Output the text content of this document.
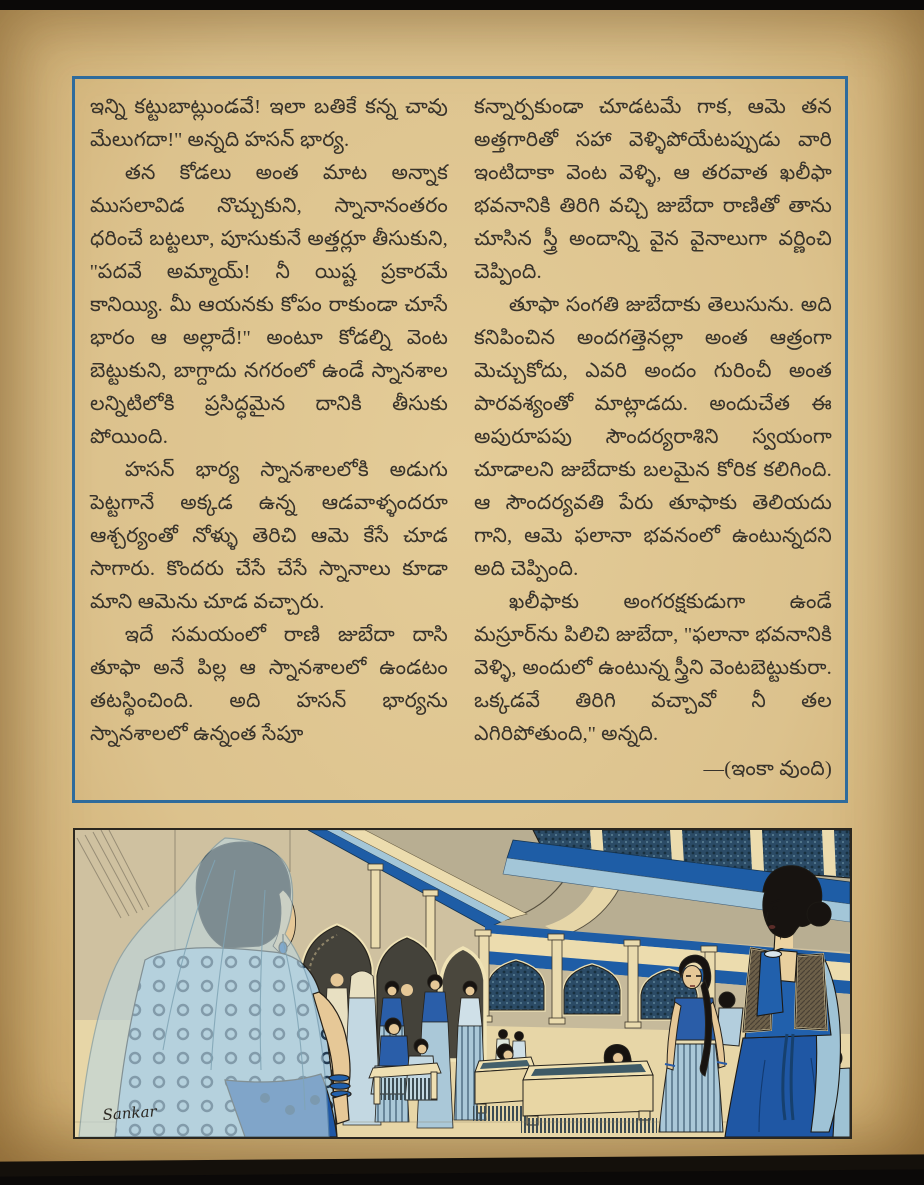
ఇన్ని కట్టుబాట్లుండవే! ఇలా బతికే కన్న చావు మేలుగదా!'' అన్నది హసన్ భార్య.

తన కోడలు అంత మాట అన్నాక ముసలావిడ నొచ్చుకుని, స్నానానంతరం ధరించే బట్టలూ, పూసుకునే అత్తర్లూ తీసుకుని, ''పదవే అమ్మాయ్! నీ యిష్ట ప్రకారమే కానియ్యి. మీ ఆయనకు కోపం రాకుండా చూసే భారం ఆ అల్లాదే!'' అంటూ కోడల్ని వెంట బెట్టుకుని, బాగ్దాదు నగరంలో ఉండే స్నానశాల లన్నిటిలోకి ప్రసిద్ధమైన దానికి తీసుకు పోయింది.

హసన్ భార్య స్నానశాలలోకి అడుగు పెట్టగానే అక్కడ ఉన్న ఆడవాళ్ళందరూ ఆశ్చర్యంతో నోళ్ళు తెరిచి ఆమె కేసే చూడ సాగారు. కొందరు చేసే చేసే స్నానాలు కూడా మాని ఆమెను చూడ వచ్చారు.

ఇదే సమయంలో రాణి జుబేదా దాసి తూఫా అనే పిల్ల ఆ స్నానశాలలో ఉండటం తటస్థించింది. అది హసన్ భార్యను స్నానశాలలో ఉన్నంత సేపూ

కన్నార్పకుండా చూడటమే గాక, ఆమె తన అత్తగారితో సహా వెళ్ళిపోయేటప్పుడు వారి ఇంటిదాకా వెంట వెళ్ళి, ఆ తరవాత ఖలీఫా భవనానికి తిరిగి వచ్చి జుబేదా రాణితో తాను చూసిన స్త్రీ అందాన్ని వైన వైనాలుగా వర్ణించి చెప్పింది.

తూఫా సంగతి జుబేదాకు తెలుసును. అది కనిపించిన అందగత్తెనల్లా అంత ఆత్రంగా మెచ్చుకోదు, ఎవరి అందం గురించీ అంత పారవశ్యంతో మాట్లాడదు. అందుచేత ఈ అపురూపపు సౌందర్యరాశిని స్వయంగా చూడాలని జుబేదాకు బలమైన కోరిక కలిగింది. ఆ సౌందర్యవతి పేరు తూఫాకు తెలియదు గాని, ఆమె ఫలానా భవనంలో ఉంటున్నదని అది చెప్పింది.

ఖలీఫాకు అంగరక్షకుడుగా ఉండే మస్రూర్‌ను పిలిచి జుబేదా, ''ఫలానా భవనానికి వెళ్ళి, అందులో ఉంటున్న స్త్రీని వెంటబెట్టుకురా. ఒక్కడవే తిరిగి వచ్చావో నీ తల ఎగిరిపోతుంది,'' అన్నది.

—(ఇంకా వుంది)

Sankar
